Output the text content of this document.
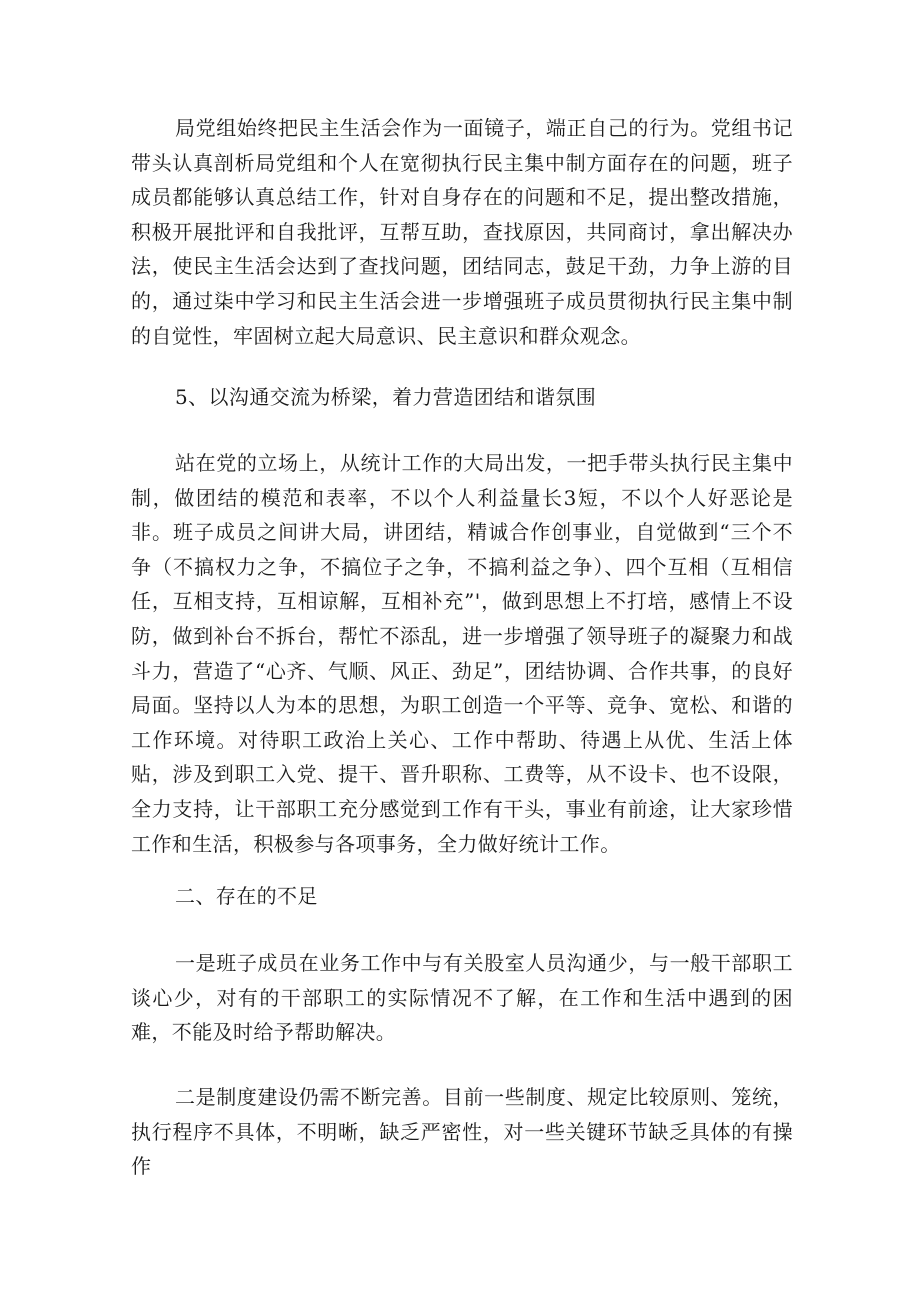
局党组始终把民主生活会作为一面镜子，端正自己的行为。党组书记带头认真剖析局党组和个人在宽彻执行民主集中制方面存在的问题，班子成员都能够认真总结工作，针对自身存在的问题和不足，提出整改措施，积极开展批评和自我批评，互帮互助，查找原因，共同商讨，拿出解决办法，使民主生活会达到了查找问题，团结同志，鼓足干劲，力争上游的目的，通过柒中学习和民主生活会进一步增强班子成员贯彻执行民主集中制的自觉性，牢固树立起大局意识、民主意识和群众观念。

5、以沟通交流为桥梁，着力营造团结和谐氛围

站在党的立场上，从统计工作的大局出发，一把手带头执行民主集中制，做团结的模范和表率，不以个人利益量长3短，不以个人好恶论是非。班子成员之间讲大局，讲团结，精诚合作创事业，自觉做到“三个不争（不搞权力之争，不搞位子之争，不搞利益之争）、四个互相（互相信任，互相支持，互相谅解，互相补充”'，做到思想上不打培，感情上不设防，做到补台不拆台，帮忙不添乱，进一步增强了领导班子的凝聚力和战斗力，营造了“心齐、气顺、风正、劲足”，团结协调、合作共事，的良好局面。坚持以人为本的思想，为职工创造一个平等、竞争、宽松、和谐的工作环境。对待职工政治上关心、工作中帮助、待遇上从优、生活上体贴，涉及到职工入党、提干、晋升职称、工费等，从不设卡、也不设限，全力支持，让干部职工充分感觉到工作有干头，事业有前途，让大家珍惜工作和生活，积极参与各项事务，全力做好统计工作。

二、存在的不足

一是班子成员在业务工作中与有关股室人员沟通少，与一般干部职工谈心少，对有的干部职工的实际情况不了解，在工作和生活中遇到的困难，不能及时给予帮助解决。

二是制度建设仍需不断完善。目前一些制度、规定比较原则、笼统，执行程序不具体，不明晰，缺乏严密性，对一些关键环节缺乏具体的有操作
